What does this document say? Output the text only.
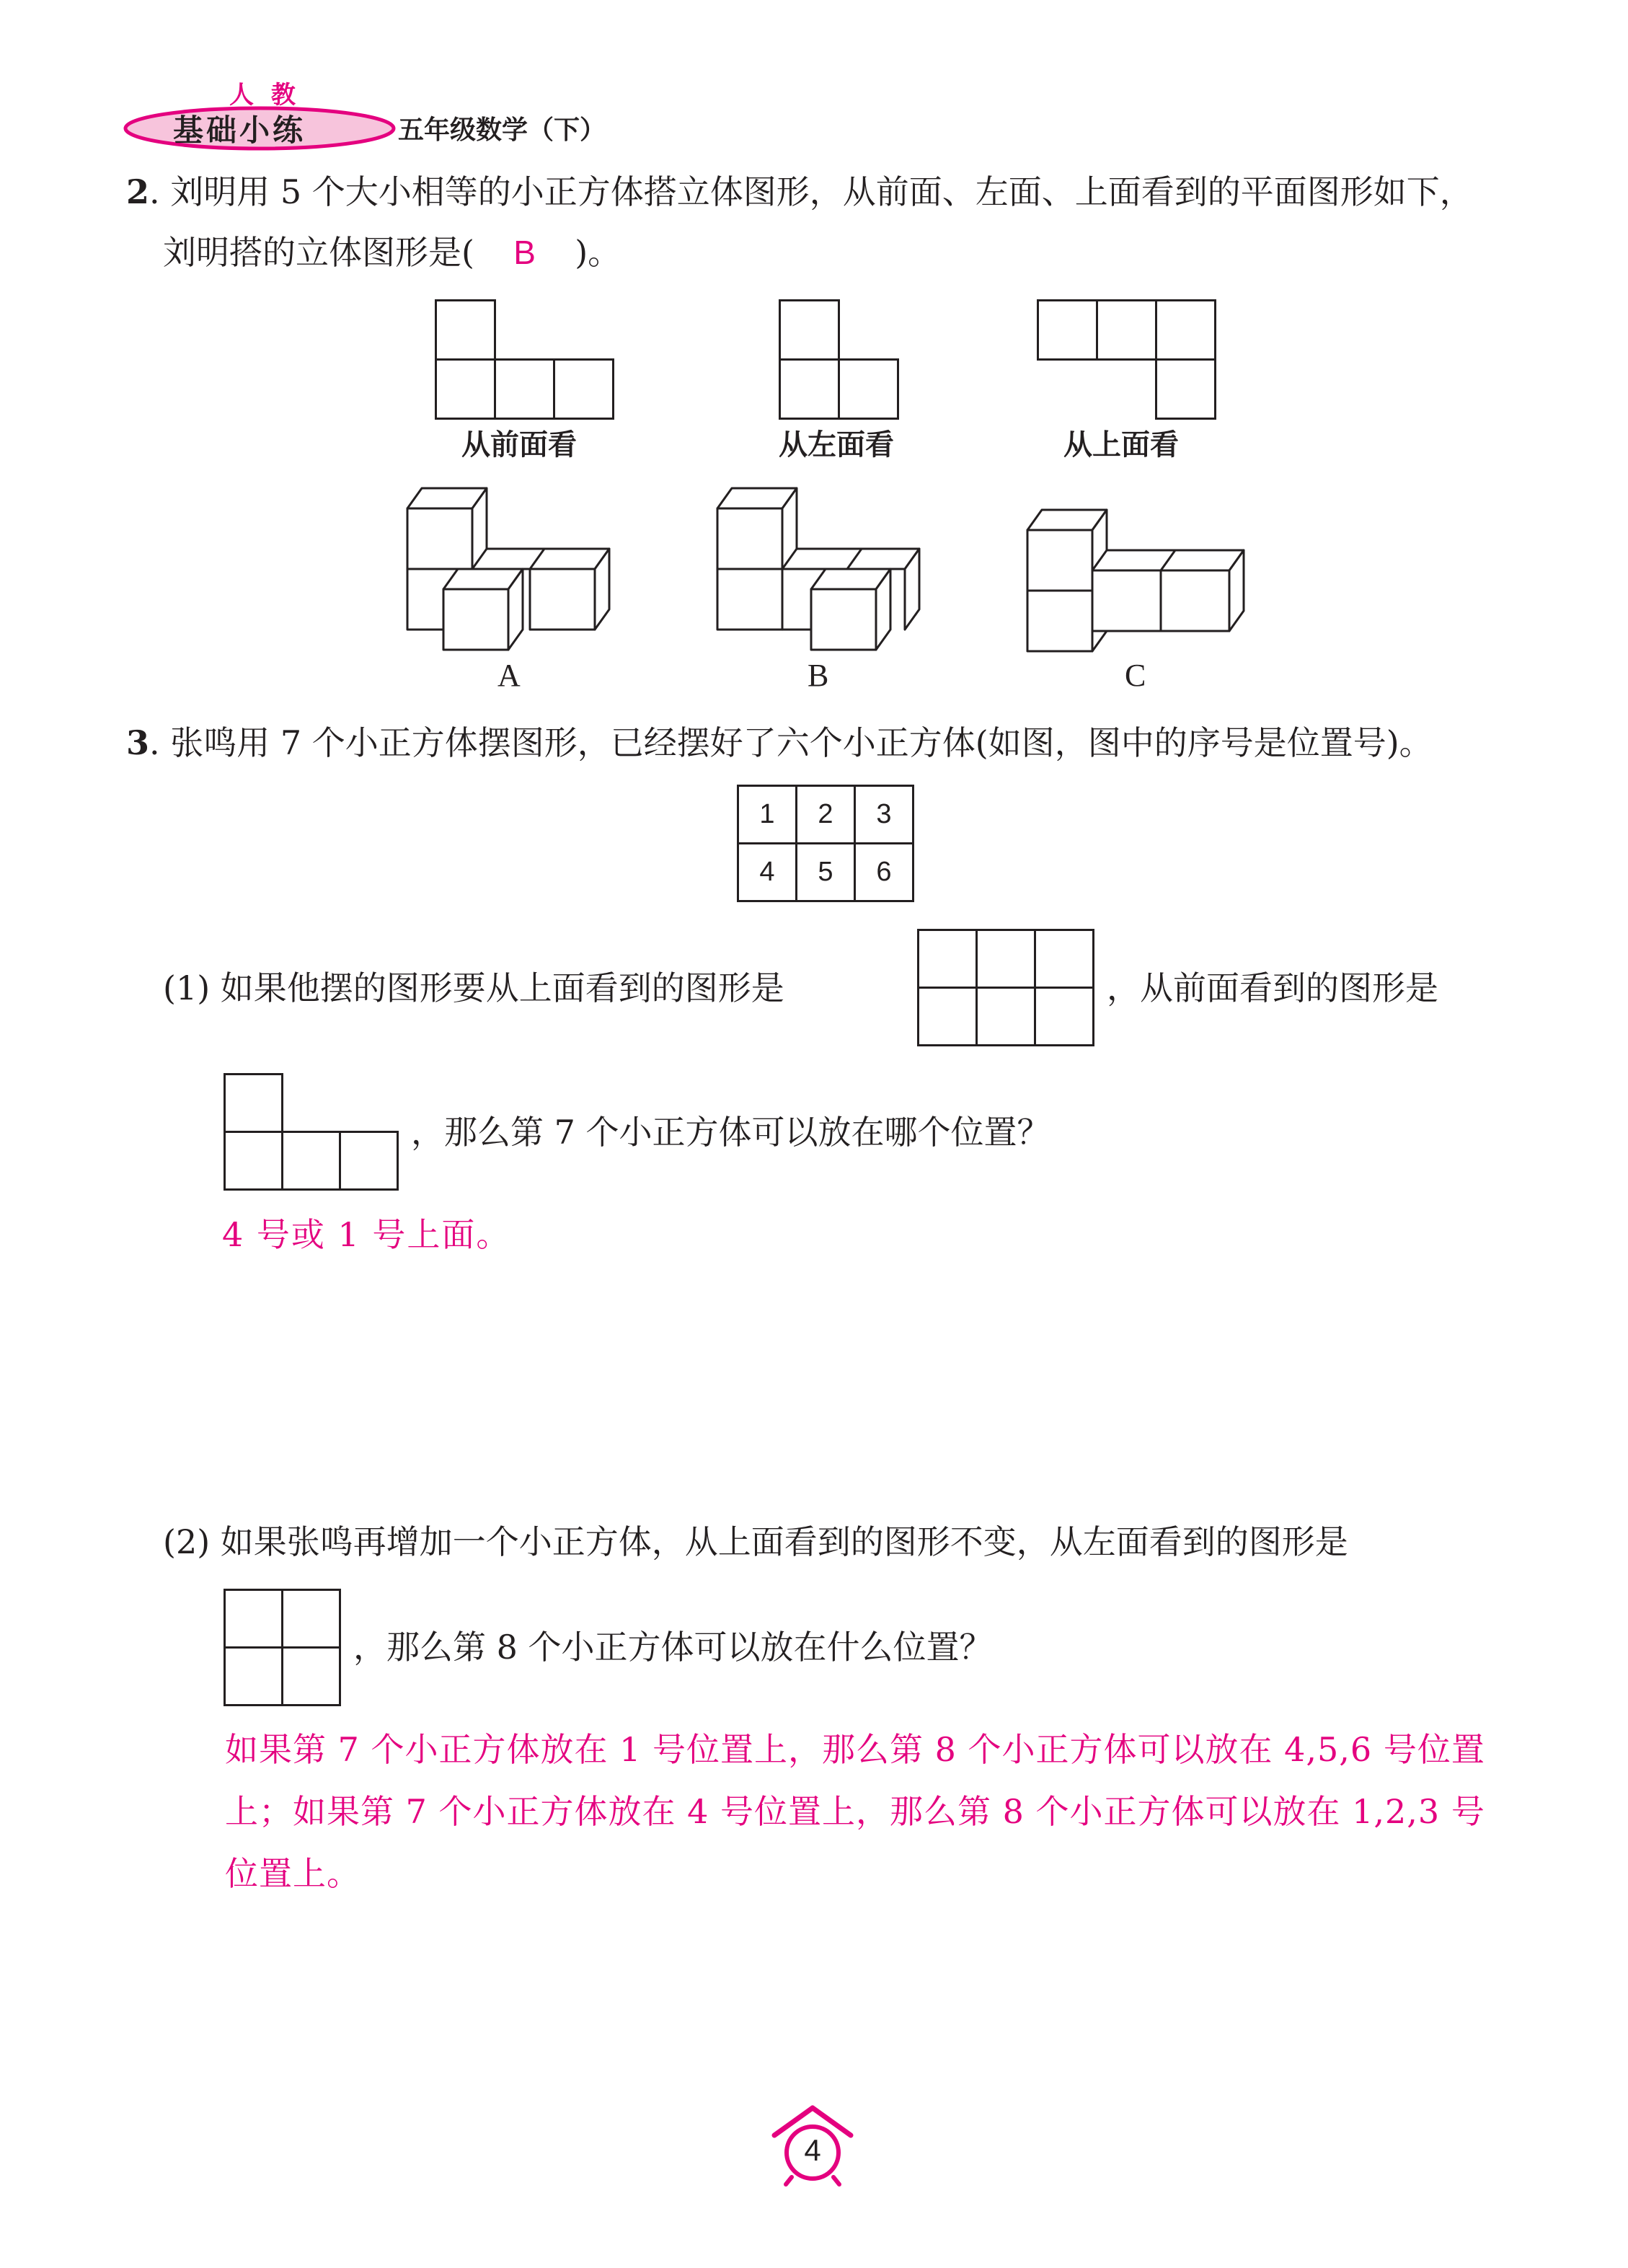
人 教
基础小练	五年级数学（下）
2. 刘明用 5 个大小相等的小正方体搭立体图形，从前面、左面、上面看到的平面图形如下，
刘明搭的立体图形是( B )。
从前面看	从左面看	从上面看
A	B	C
3. 张鸣用 7 个小正方体摆图形，已经摆好了六个小正方体(如图，图中的序号是位置号)。
1	2	3
4	5	6
(1) 如果他摆的图形要从上面看到的图形是	，从前面看到的图形是
，那么第 7 个小正方体可以放在哪个位置？
4 号或 1 号上面。
(2) 如果张鸣再增加一个小正方体，从上面看到的图形不变，从左面看到的图形是
，那么第 8 个小正方体可以放在什么位置？
如果第 7 个小正方体放在 1 号位置上，那么第 8 个小正方体可以放在 4,5,6 号位置
上；如果第 7 个小正方体放在 4 号位置上，那么第 8 个小正方体可以放在 1,2,3 号
位置上。
4
